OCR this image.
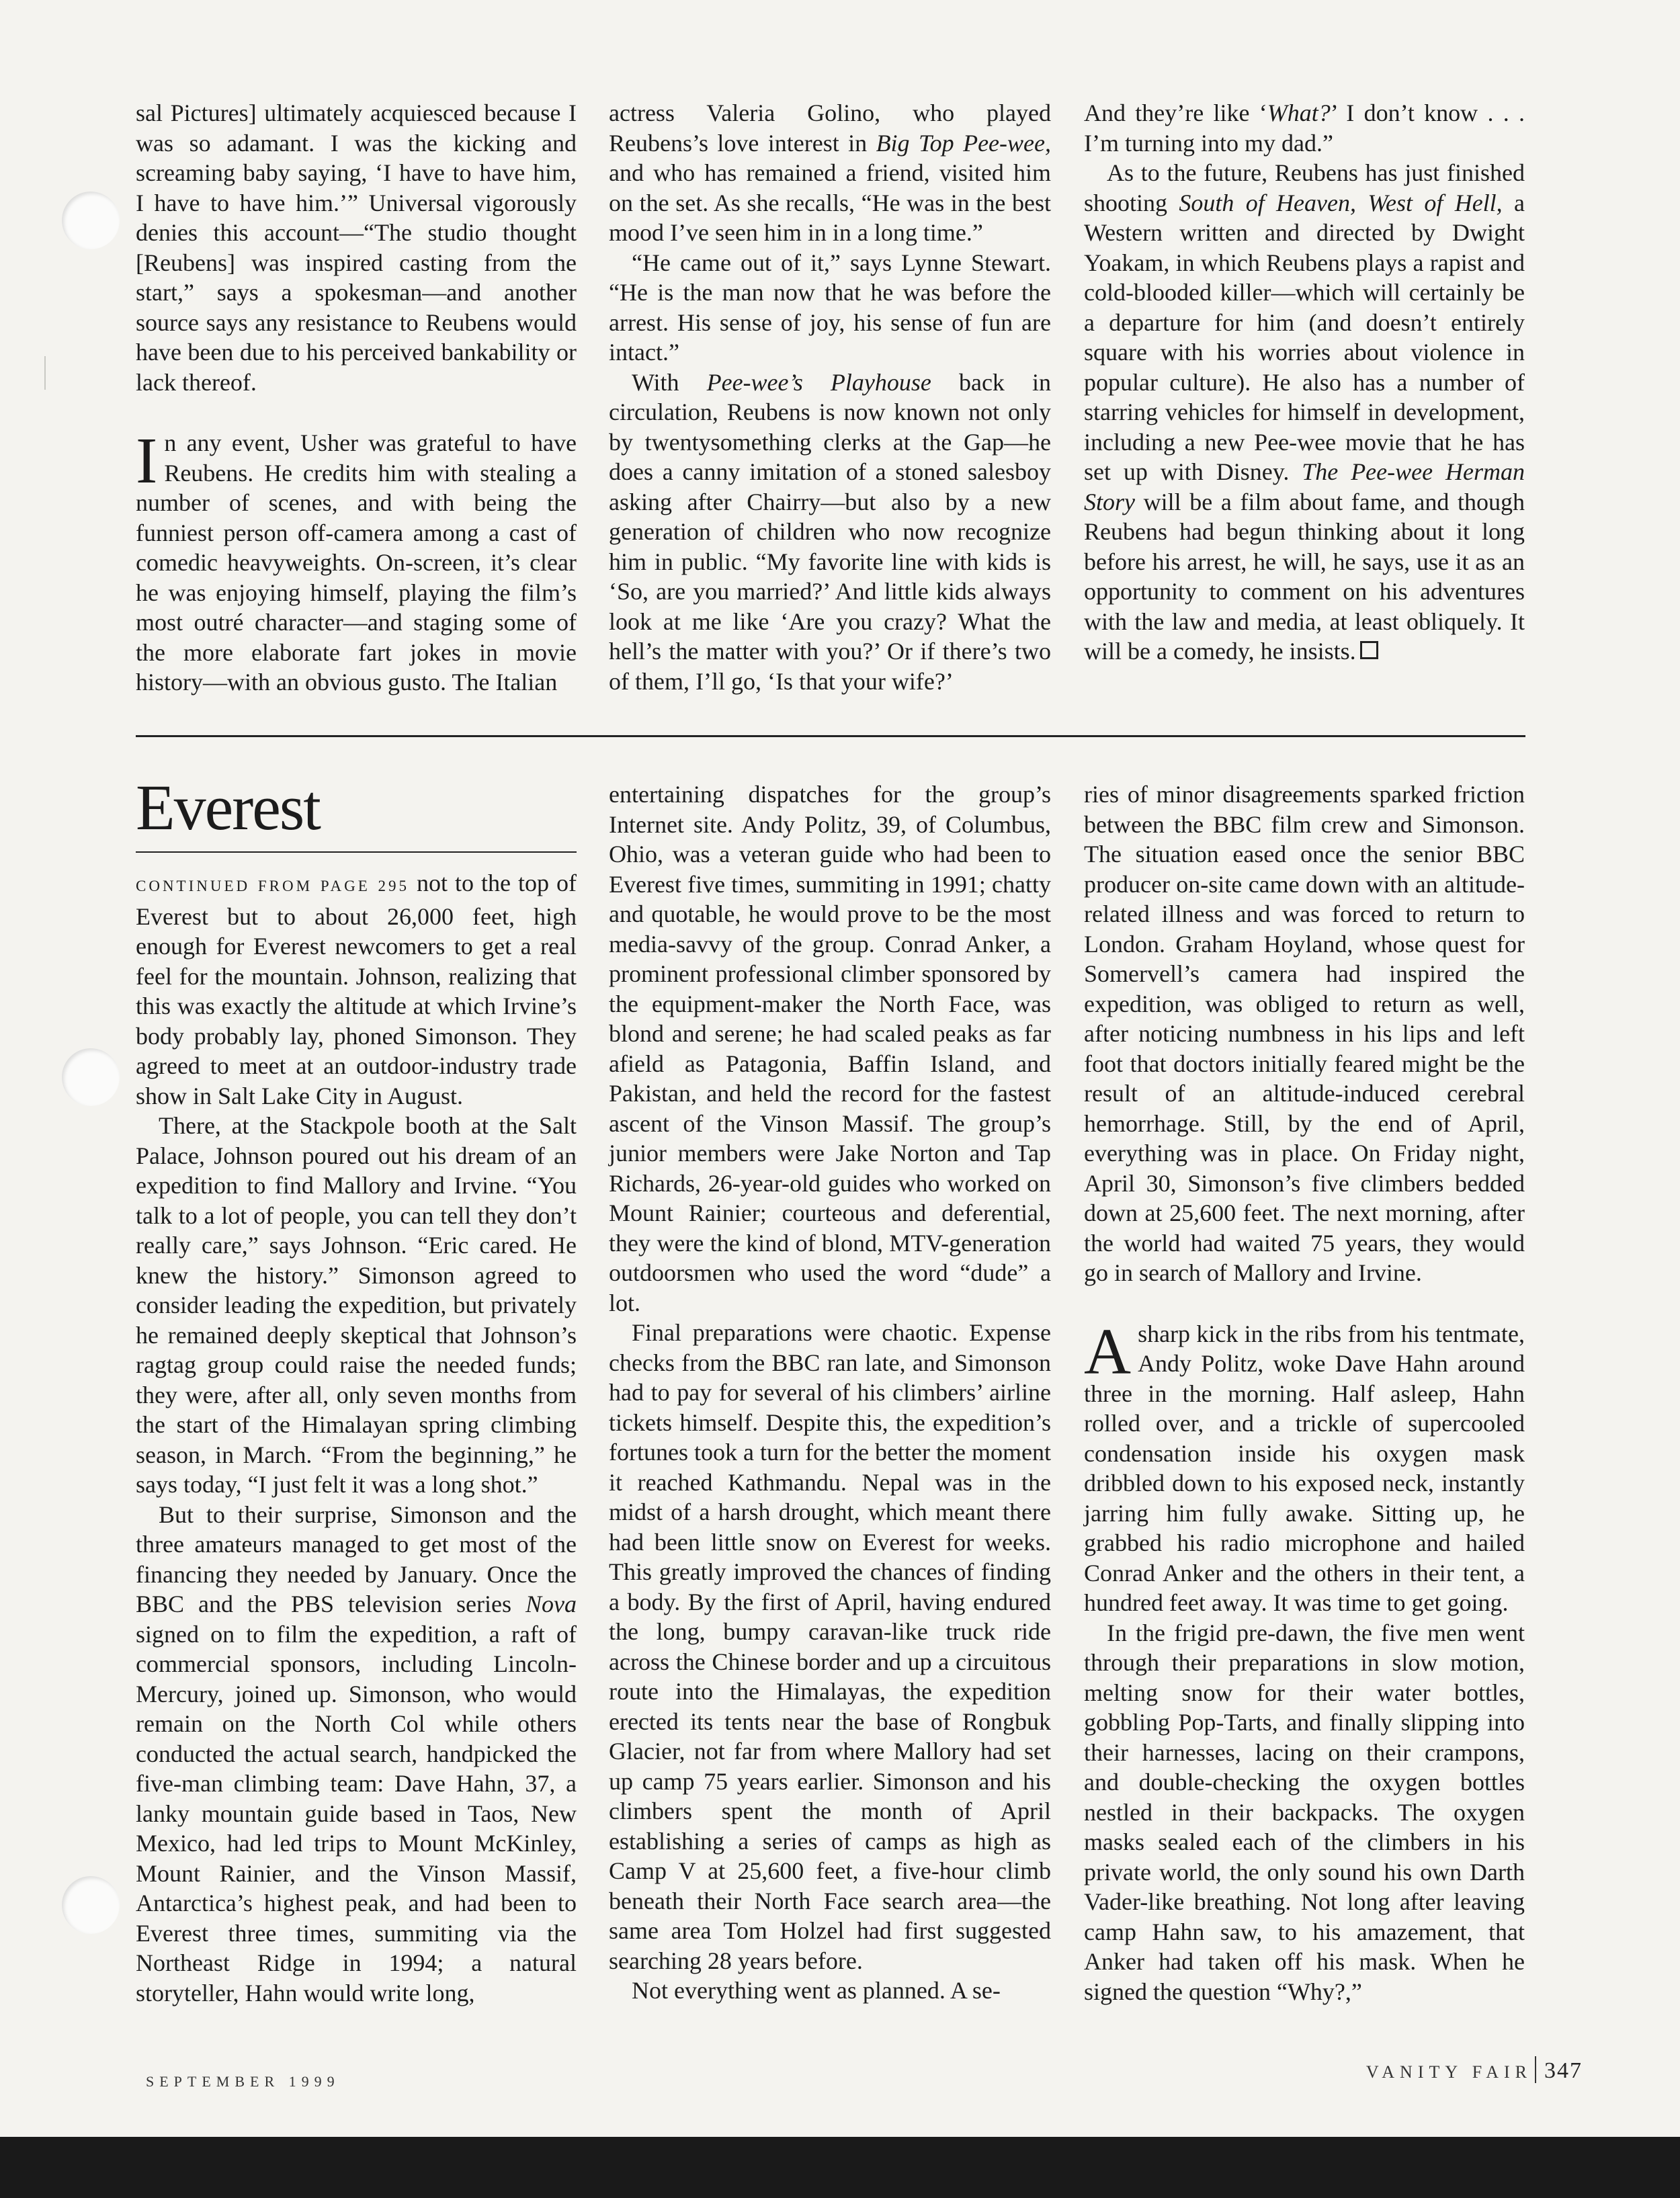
sal Pictures] ultimately acquiesced because I was so adamant. I was the kicking and screaming baby saying, ‘I have to have him, I have to have him.’” Universal vigorously denies this account—“The studio thought [Reubens] was inspired casting from the start,” says a spokesman—and another source says any resistance to Reubens would have been due to his perceived bankability or lack thereof.

In any event, Usher was grateful to have Reubens. He credits him with stealing a number of scenes, and with being the funniest person off-camera among a cast of comedic heavyweights. On-screen, it’s clear he was enjoying himself, playing the film’s most outré character—and staging some of the more elaborate fart jokes in movie history—with an obvious gusto. The Italian

actress Valeria Golino, who played Reubens’s love interest in Big Top Pee-wee, and who has remained a friend, visited him on the set. As she recalls, “He was in the best mood I’ve seen him in in a long time.”

“He came out of it,” says Lynne Stewart. “He is the man now that he was before the arrest. His sense of joy, his sense of fun are intact.”

With Pee-wee’s Playhouse back in circulation, Reubens is now known not only by twentysomething clerks at the Gap—he does a canny imitation of a stoned salesboy asking after Chairry—but also by a new generation of children who now recognize him in public. “My favorite line with kids is ‘So, are you married?’ And little kids always look at me like ‘Are you crazy? What the hell’s the matter with you?’ Or if there’s two of them, I’ll go, ‘Is that your wife?’

And they’re like ‘What?’ I don’t know . . . I’m turning into my dad.”

As to the future, Reubens has just finished shooting South of Heaven, West of Hell, a Western written and directed by Dwight Yoakam, in which Reubens plays a rapist and cold-blooded killer—which will certainly be a departure for him (and doesn’t entirely square with his worries about violence in popular culture). He also has a number of starring vehicles for himself in development, including a new Pee-wee movie that he has set up with Disney. The Pee-wee Herman Story will be a film about fame, and though Reubens had begun thinking about it long before his arrest, he will, he says, use it as an opportunity to comment on his adventures with the law and media, at least obliquely. It will be a comedy, he insists.

Everest

CONTINUED FROM PAGE 295 not to the top of Everest but to about 26,000 feet, high enough for Everest newcomers to get a real feel for the mountain. Johnson, realizing that this was exactly the altitude at which Irvine’s body probably lay, phoned Simonson. They agreed to meet at an outdoor-industry trade show in Salt Lake City in August.

There, at the Stackpole booth at the Salt Palace, Johnson poured out his dream of an expedition to find Mallory and Irvine. “You talk to a lot of people, you can tell they don’t really care,” says Johnson. “Eric cared. He knew the history.” Simonson agreed to consider leading the expedition, but privately he remained deeply skeptical that Johnson’s ragtag group could raise the needed funds; they were, after all, only seven months from the start of the Himalayan spring climbing season, in March. “From the beginning,” he says today, “I just felt it was a long shot.”

But to their surprise, Simonson and the three amateurs managed to get most of the financing they needed by January. Once the BBC and the PBS television series Nova signed on to film the expedition, a raft of commercial sponsors, including Lincoln-Mercury, joined up. Simonson, who would remain on the North Col while others conducted the actual search, handpicked the five-man climbing team: Dave Hahn, 37, a lanky mountain guide based in Taos, New Mexico, had led trips to Mount McKinley, Mount Rainier, and the Vinson Massif, Antarctica’s highest peak, and had been to Everest three times, summiting via the Northeast Ridge in 1994; a natural storyteller, Hahn would write long,

entertaining dispatches for the group’s Internet site. Andy Politz, 39, of Columbus, Ohio, was a veteran guide who had been to Everest five times, summiting in 1991; chatty and quotable, he would prove to be the most media-savvy of the group. Conrad Anker, a prominent professional climber sponsored by the equipment-maker the North Face, was blond and serene; he had scaled peaks as far afield as Patagonia, Baffin Island, and Pakistan, and held the record for the fastest ascent of the Vinson Massif. The group’s junior members were Jake Norton and Tap Richards, 26-year-old guides who worked on Mount Rainier; courteous and deferential, they were the kind of blond, MTV-generation outdoorsmen who used the word “dude” a lot.

Final preparations were chaotic. Expense checks from the BBC ran late, and Simonson had to pay for several of his climbers’ airline tickets himself. Despite this, the expedition’s fortunes took a turn for the better the moment it reached Kathmandu. Nepal was in the midst of a harsh drought, which meant there had been little snow on Everest for weeks. This greatly improved the chances of finding a body. By the first of April, having endured the long, bumpy caravan-like truck ride across the Chinese border and up a circuitous route into the Himalayas, the expedition erected its tents near the base of Rongbuk Glacier, not far from where Mallory had set up camp 75 years earlier. Simonson and his climbers spent the month of April establishing a series of camps as high as Camp V at 25,600 feet, a five-hour climb beneath their North Face search area—the same area Tom Holzel had first suggested searching 28 years before.

Not everything went as planned. A se-

ries of minor disagreements sparked friction between the BBC film crew and Simonson. The situation eased once the senior BBC producer on-site came down with an altitude-related illness and was forced to return to London. Graham Hoyland, whose quest for Somervell’s camera had inspired the expedition, was obliged to return as well, after noticing numbness in his lips and left foot that doctors initially feared might be the result of an altitude-induced cerebral hemorrhage. Still, by the end of April, everything was in place. On Friday night, April 30, Simonson’s five climbers bedded down at 25,600 feet. The next morning, after the world had waited 75 years, they would go in search of Mallory and Irvine.

A sharp kick in the ribs from his tentmate, Andy Politz, woke Dave Hahn around three in the morning. Half asleep, Hahn rolled over, and a trickle of supercooled condensation inside his oxygen mask dribbled down to his exposed neck, instantly jarring him fully awake. Sitting up, he grabbed his radio microphone and hailed Conrad Anker and the others in their tent, a hundred feet away. It was time to get going.

In the frigid pre-dawn, the five men went through their preparations in slow motion, melting snow for their water bottles, gobbling Pop-Tarts, and finally slipping into their harnesses, lacing on their crampons, and double-checking the oxygen bottles nestled in their backpacks. The oxygen masks sealed each of the climbers in his private world, the only sound his own Darth Vader-like breathing. Not long after leaving camp Hahn saw, to his amazement, that Anker had taken off his mask. When he signed the question “Why?,”

SEPTEMBER 1999	VANITY FAIR 347
